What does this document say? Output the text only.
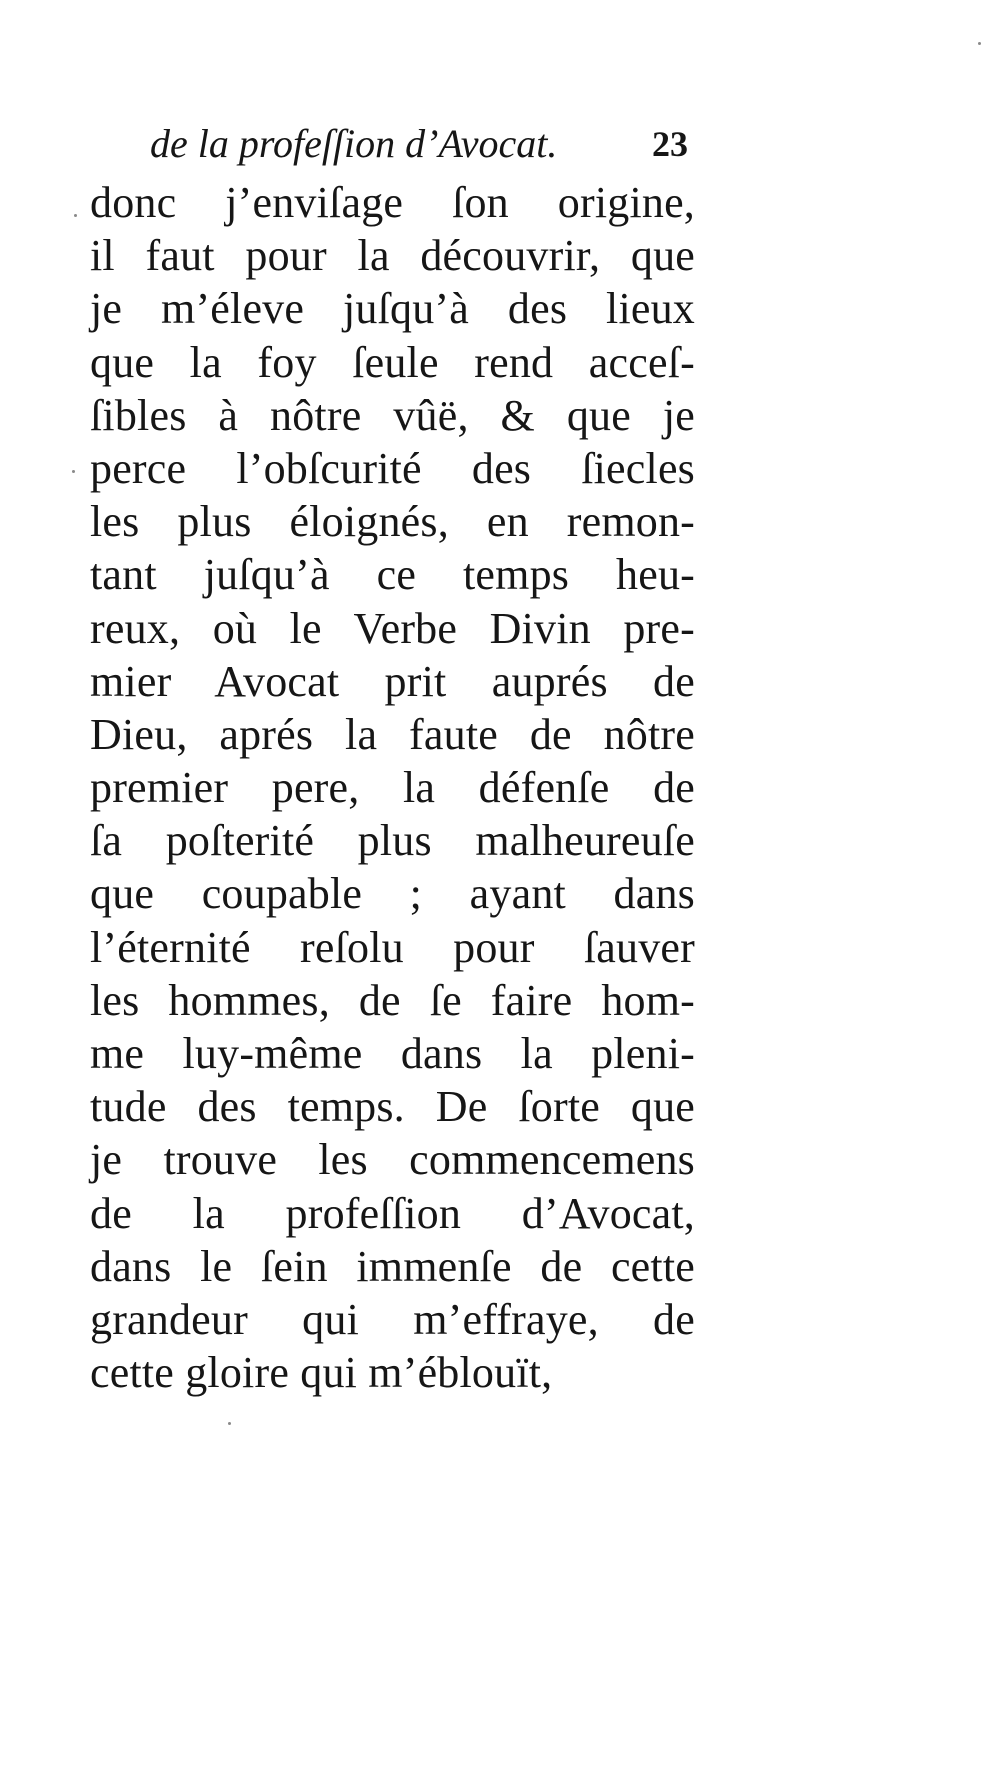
de la profeſſion d’Avocat.	23
donc j’enviſage ſon origine,
il faut pour la découvrir, que
je m’éleve juſqu’à des lieux
que la foy ſeule rend acceſ-
ſibles à nôtre vûë, & que je
perce l’obſcurité des ſiecles
les plus éloignés, en remon-
tant juſqu’à ce temps heu-
reux, où le Verbe Divin pre-
mier Avocat prit auprés de
Dieu, aprés la faute de nôtre
premier pere, la défenſe de
ſa poſterité plus malheureuſe
que coupable ; ayant dans
l’éternité reſolu pour ſauver
les hommes, de ſe faire hom-
me luy-même dans la pleni-
tude des temps. De ſorte que
je trouve les commencemens
de la profeſſion d’Avocat,
dans le ſein immenſe de cette
grandeur qui m’effraye, de
cette gloire qui m’éblouït,
